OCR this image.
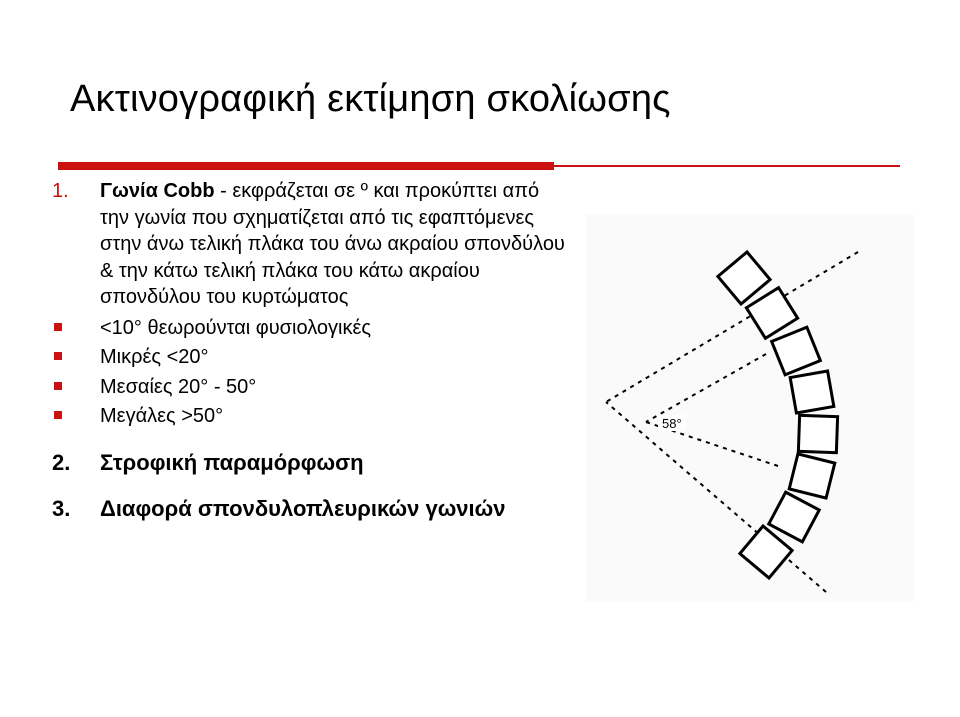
Ακτινογραφική εκτίμηση σκολίωσης
1.	Γωνία Cobb - εκφράζεται σε º και προκύπτει από την γωνία που σχηματίζεται από τις εφαπτόμενες στην άνω τελική πλάκα του άνω ακραίου σπονδύλου & την κάτω τελική πλάκα του κάτω ακραίου σπονδύλου του κυρτώματος
<10° θεωρούνται φυσιολογικές
Μικρές <20°
Μεσαίες 20° - 50°
Μεγάλες >50°
2.	Στροφική παραμόρφωση
3.	Διαφορά σπονδυλοπλευρικών γωνιών
58°
